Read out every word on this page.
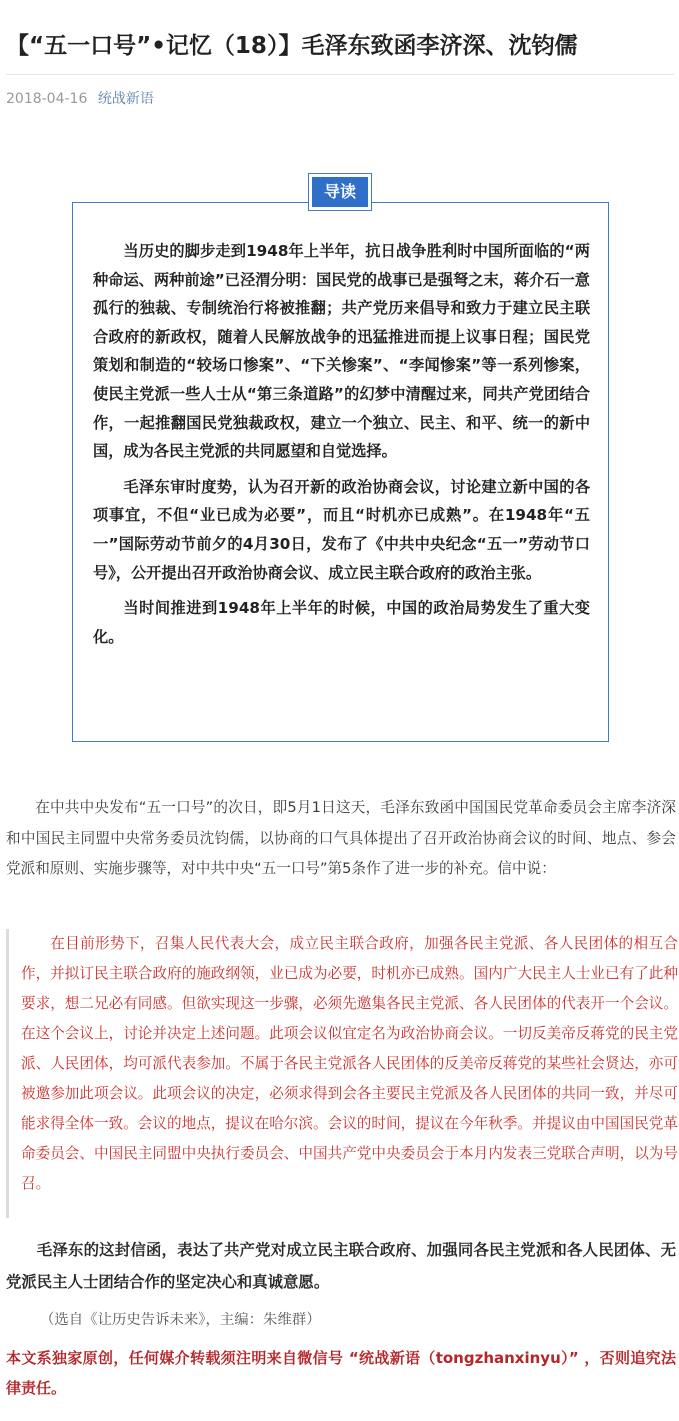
【“五一口号”•记忆（18）】毛泽东致函李济深、沈钧儒
2018-04-16 统战新语
导读

当历史的脚步走到1948年上半年，抗日战争胜利时中国所面临的“两种命运、两种前途”已泾渭分明：国民党的战事已是强弩之末，蒋介石一意孤行的独裁、专制统治行将被推翻；共产党历来倡导和致力于建立民主联合政府的新政权，随着人民解放战争的迅猛推进而提上议事日程；国民党策划和制造的“较场口惨案”、“下关惨案”、“李闻惨案”等一系列惨案，使民主党派一些人士从“第三条道路”的幻梦中清醒过来，同共产党团结合作，一起推翻国民党独裁政权，建立一个独立、民主、和平、统一的新中国，成为各民主党派的共同愿望和自觉选择。

毛泽东审时度势，认为召开新的政治协商会议，讨论建立新中国的各项事宜，不但“业已成为必要”，而且“时机亦已成熟”。在1948年“五一”国际劳动节前夕的4月30日，发布了《中共中央纪念“五一”劳动节口号》，公开提出召开政治协商会议、成立民主联合政府的政治主张。

当时间推进到1948年上半年的时候，中国的政治局势发生了重大变化。

在中共中央发布“五一口号”的次日，即5月1日这天，毛泽东致函中国国民党革命委员会主席李济深和中国民主同盟中央常务委员沈钧儒，以协商的口气具体提出了召开政治协商会议的时间、地点、参会党派和原则、实施步骤等，对中共中央“五一口号”第5条作了进一步的补充。信中说：

在目前形势下，召集人民代表大会，成立民主联合政府，加强各民主党派、各人民团体的相互合作，并拟订民主联合政府的施政纲领，业已成为必要，时机亦已成熟。国内广大民主人士业已有了此种要求，想二兄必有同感。但欲实现这一步骤，必须先邀集各民主党派、各人民团体的代表开一个会议。在这个会议上，讨论并决定上述问题。此项会议似宜定名为政治协商会议。一切反美帝反蒋党的民主党派、人民团体，均可派代表参加。不属于各民主党派各人民团体的反美帝反蒋党的某些社会贤达，亦可被邀参加此项会议。此项会议的决定，必须求得到会各主要民主党派及各人民团体的共同一致，并尽可能求得全体一致。会议的地点，提议在哈尔滨。会议的时间，提议在今年秋季。并提议由中国国民党革命委员会、中国民主同盟中央执行委员会、中国共产党中央委员会于本月内发表三党联合声明，以为号召。

毛泽东的这封信函，表达了共产党对成立民主联合政府、加强同各民主党派和各人民团体、无党派民主人士团结合作的坚定决心和真诚意愿。

（选自《让历史告诉未来》，主编：朱维群）
本文系独家原创，任何媒介转载须注明来自微信号 “统战新语（tongzhanxinyu）” ，否则追究法律责任。
